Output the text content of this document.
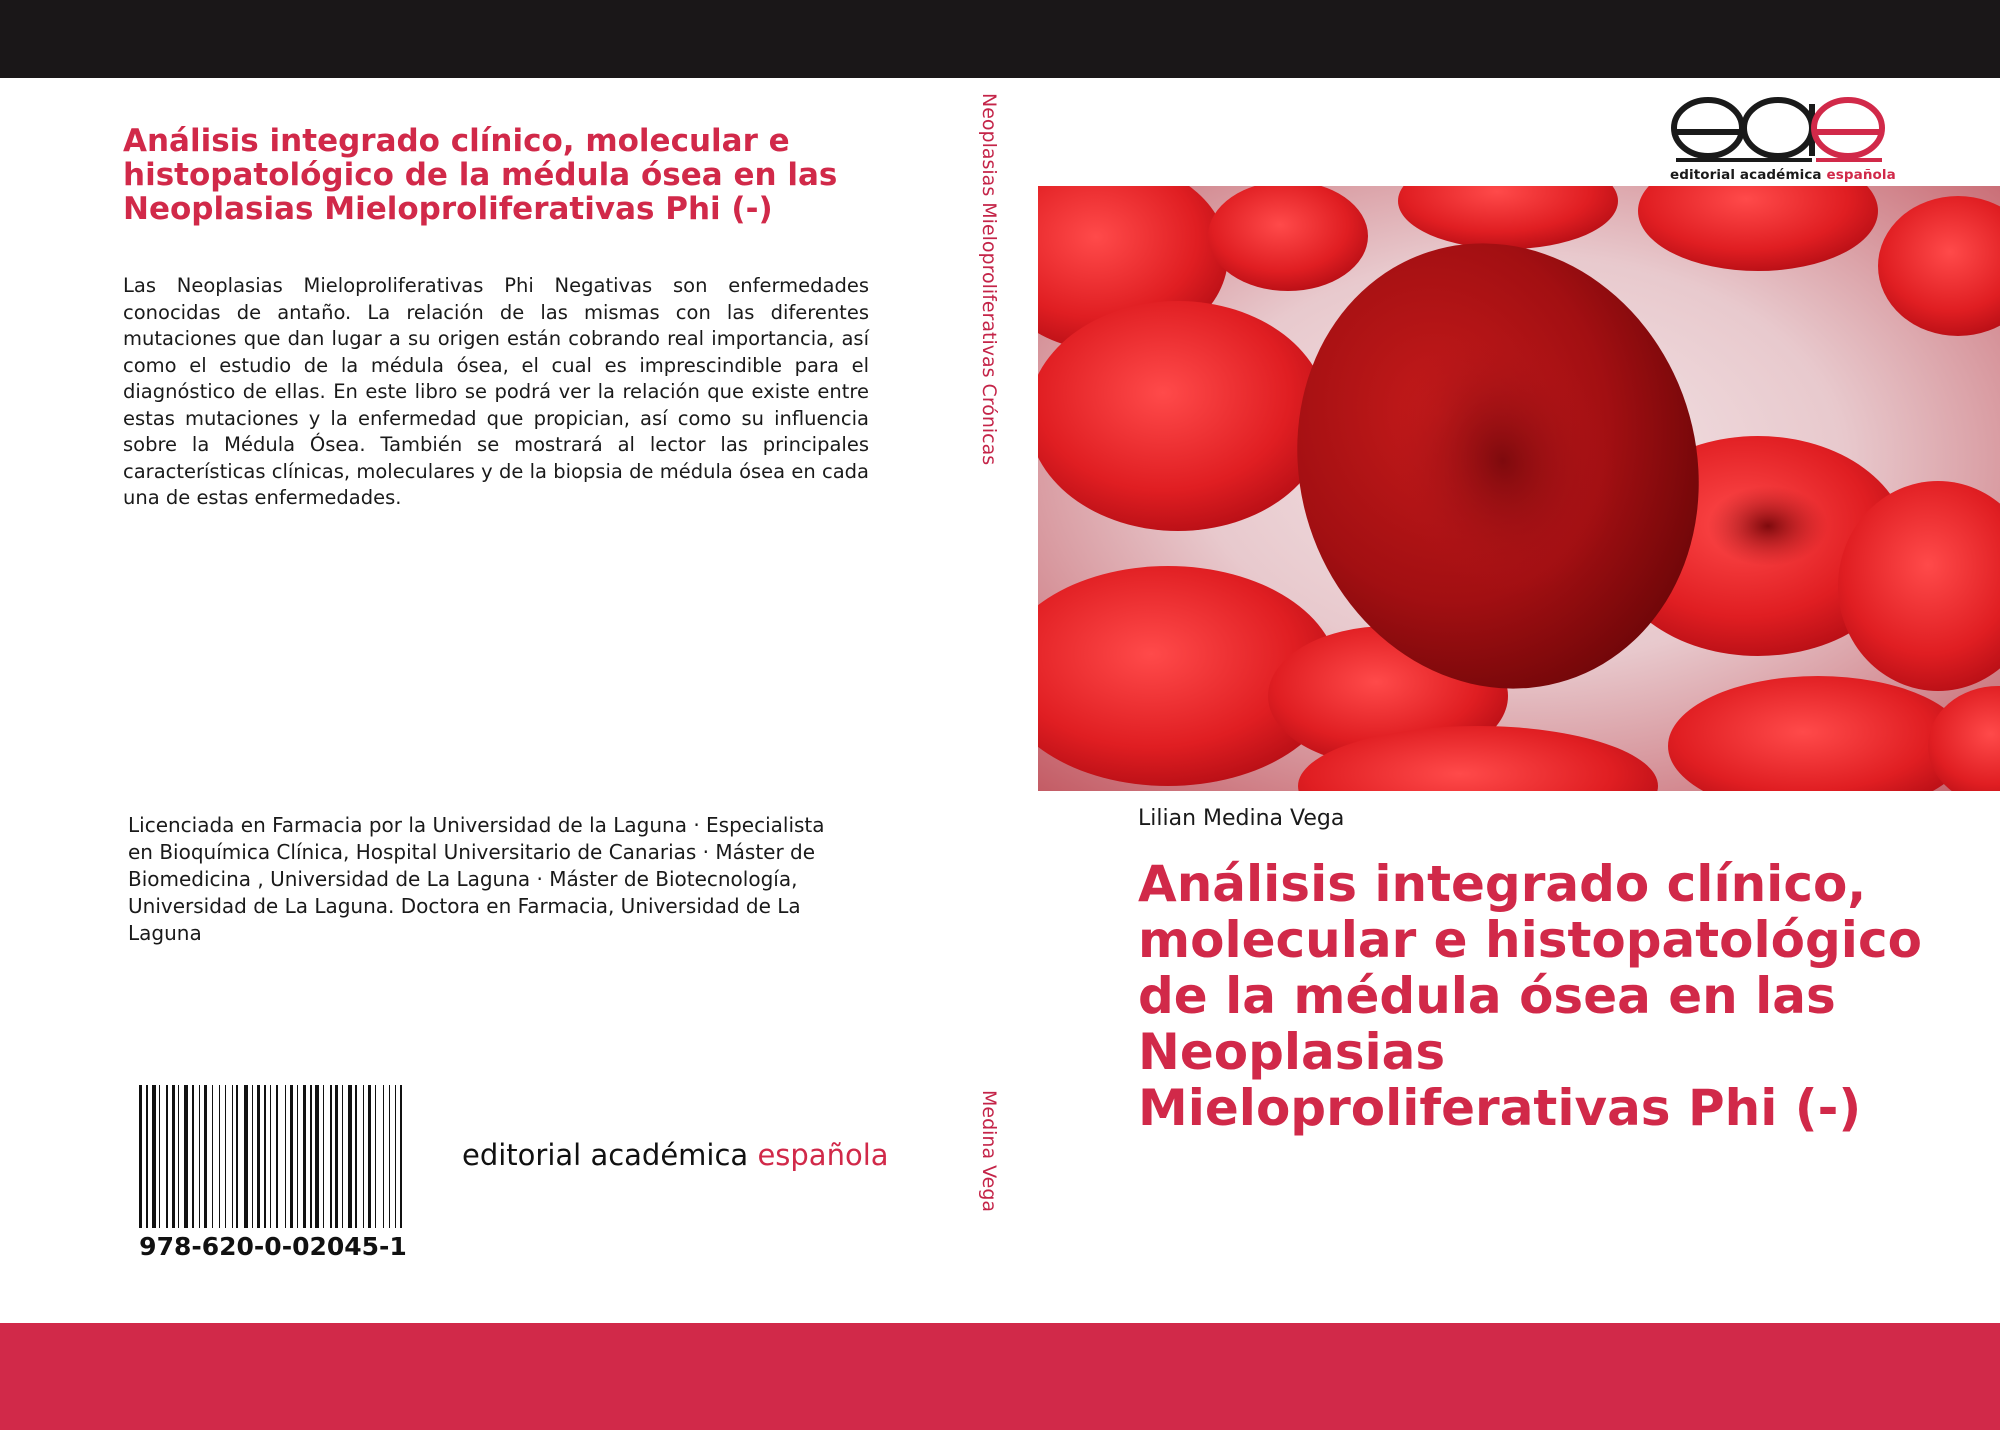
Análisis integrado clínico, molecular e histopatológico de la médula ósea en las Neoplasias Mieloproliferativas Phi (-)

Las Neoplasias Mieloproliferativas Phi Negativas son enfermedades conocidas de antaño. La relación de las mismas con las diferentes mutaciones que dan lugar a su origen están cobrando real importancia, así como el estudio de la médula ósea, el cual es imprescindible para el diagnóstico de ellas. En este libro se podrá ver la relación que existe entre estas mutaciones y la enfermedad que propician, así como su influencia sobre la Médula Ósea. También se mostrará al lector las principales características clínicas, moleculares y de la biopsia de médula ósea en cada una de estas enfermedades.

Licenciada en Farmacia por la Universidad de la Laguna · Especialista en Bioquímica Clínica, Hospital Universitario de Canarias · Máster de Biomedicina , Universidad de La Laguna · Máster de Biotecnología, Universidad de La Laguna. Doctora en Farmacia, Universidad de La Laguna

978-620-0-02045-1
editorial académica española
Neoplasias Mieloproliferativas Crónicas
Medina Vega
editorial académica española
Lilian Medina Vega
Análisis integrado clínico, molecular e histopatológico de la médula ósea en las Neoplasias Mieloproliferativas Phi (-)
